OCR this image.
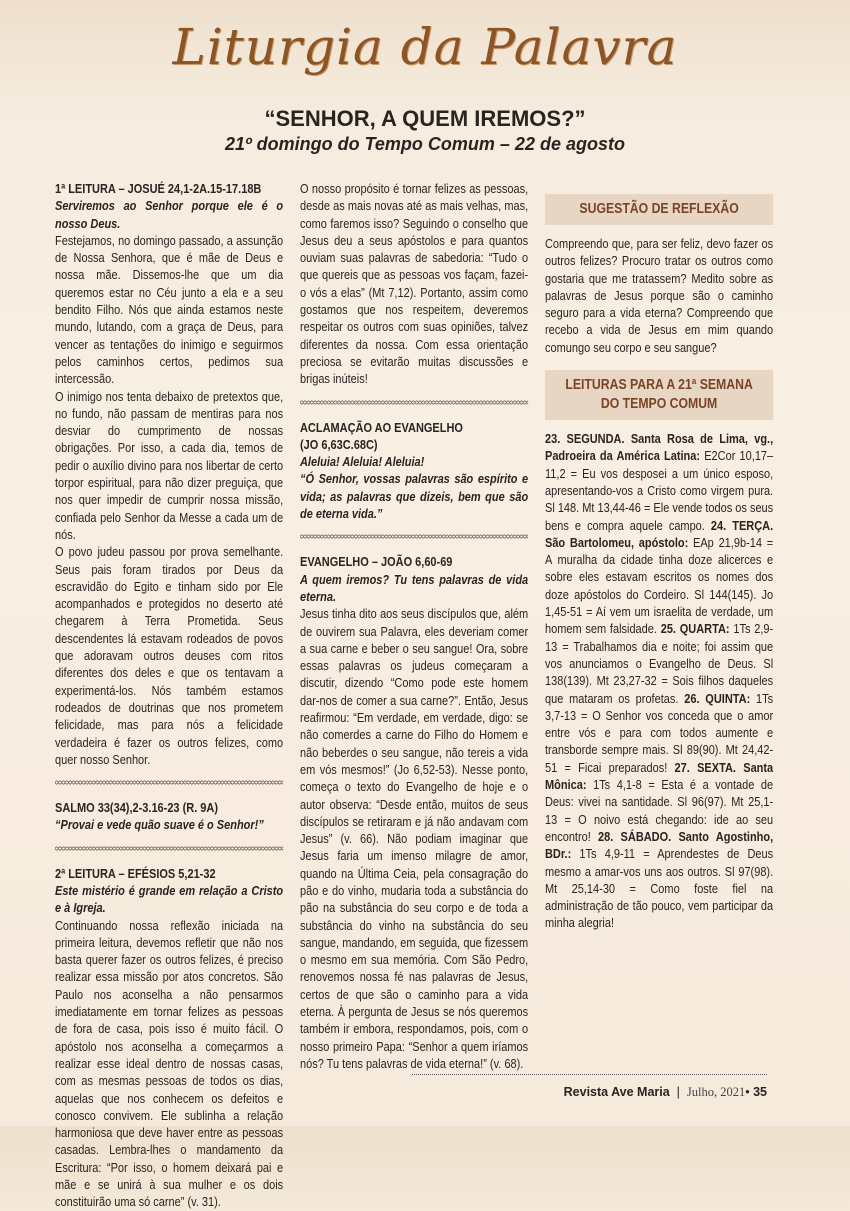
Liturgia da Palavra
“SENHOR, A QUEM IREMOS?”
21º domingo do Tempo Comum – 22 de agosto

1ª LEITURA – JOSUÉ 24,1-2A.15-17.18B

Serviremos ao Senhor porque ele é o nosso Deus.

Festejamos, no domingo passado, a assunção de Nossa Senhora, que é mãe de Deus e nossa mãe. Dissemos-lhe que um dia queremos estar no Céu junto a ela e a seu bendito Filho. Nós que ainda estamos neste mundo, lutando, com a graça de Deus, para vencer as tentações do inimigo e seguirmos pelos caminhos certos, pedimos sua intercessão.

O inimigo nos tenta debaixo de pretextos que, no fundo, não passam de mentiras para nos desviar do cumprimento de nossas obrigações. Por isso, a cada dia, temos de pedir o auxílio divino para nos libertar de certo torpor espiritual, para não dizer preguiça, que nos quer impedir de cumprir nossa missão, confiada pelo Senhor da Messe a cada um de nós.

O povo judeu passou por prova semelhante. Seus pais foram tirados por Deus da escravidão do Egito e tinham sido por Ele acompanhados e protegidos no deserto até chegarem à Terra Prometida. Seus descendentes lá estavam rodeados de povos que adoravam outros deuses com ritos diferentes dos deles e que os tentavam a experimentá-los. Nós também estamos rodeados de doutrinas que nos prometem felicidade, mas para nós a felicidade verdadeira é fazer os outros felizes, como quer nosso Senhor.

SALMO 33(34),2-3.16-23 (R. 9A)

“Provai e vede quão suave é o Senhor!”

2ª LEITURA – EFÉSIOS 5,21-32

Este mistério é grande em relação a Cristo e à Igreja.

Continuando nossa reflexão iniciada na primeira leitura, devemos refletir que não nos basta querer fazer os outros felizes, é preciso realizar essa missão por atos concretos. São Paulo nos aconselha a não pensarmos imediatamente em tornar felizes as pessoas de fora de casa, pois isso é muito fácil. O apóstolo nos aconselha a começarmos a realizar esse ideal dentro de nossas casas, com as mesmas pessoas de todos os dias, aquelas que nos conhecem os defeitos e conosco convivem. Ele sublinha a relação harmoniosa que deve haver entre as pessoas casadas. Lembra-lhes o mandamento da Escritura: “Por isso, o homem deixará pai e mãe e se unirá à sua mulher e os dois constituirão uma só carne” (v. 31).

O nosso propósito é tornar felizes as pessoas, desde as mais novas até as mais velhas, mas, como faremos isso? Seguindo o conselho que Jesus deu a seus apóstolos e para quantos ouviam suas palavras de sabedoria: “Tudo o que quereis que as pessoas vos façam, fazei-o vós a elas” (Mt 7,12). Portanto, assim como gostamos que nos respeitem, deveremos respeitar os outros com suas opiniões, talvez diferentes da nossa. Com essa orientação preciosa se evitarão muitas discussões e brigas inúteis!

ACLAMAÇÃO AO EVANGELHO

(JO 6,63C.68C)

Aleluia! Aleluia! Aleluia!

“Ó Senhor, vossas palavras são espírito e vida; as palavras que dizeis, bem que são de eterna vida.”

EVANGELHO – JOÃO 6,60-69

A quem iremos? Tu tens palavras de vida eterna.

Jesus tinha dito aos seus discípulos que, além de ouvirem sua Palavra, eles deveriam comer a sua carne e beber o seu sangue! Ora, sobre essas palavras os judeus começaram a discutir, dizendo “Como pode este homem dar-nos de comer a sua carne?”. Então, Jesus reafirmou: “Em verdade, em verdade, digo: se não comerdes a carne do Filho do Homem e não beberdes o seu sangue, não tereis a vida em vós mesmos!” (Jo 6,52-53). Nesse ponto, começa o texto do Evangelho de hoje e o autor observa: “Desde então, muitos de seus discípulos se retiraram e já não andavam com Jesus” (v. 66). Não podiam imaginar que Jesus faria um imenso milagre de amor, quando na Última Ceia, pela consagração do pão e do vinho, mudaria toda a substância do pão na substância do seu corpo e de toda a substância do vinho na substância do seu sangue, mandando, em seguida, que fizessem o mesmo em sua memória. Com São Pedro, renovemos nossa fé nas palavras de Jesus, certos de que são o caminho para a vida eterna. À pergunta de Jesus se nós queremos também ir embora, respondamos, pois, com o nosso primeiro Papa: “Senhor a quem iríamos nós? Tu tens palavras de vida eterna!” (v. 68).

SUGESTÃO DE REFLEXÃO

Compreendo que, para ser feliz, devo fazer os outros felizes? Procuro tratar os outros como gostaria que me tratassem? Medito sobre as palavras de Jesus porque são o caminho seguro para a vida eterna? Compreendo que recebo a vida de Jesus em mim quando comungo seu corpo e seu sangue?

LEITURAS PARA A 21ª SEMANA
DO TEMPO COMUM

23. SEGUNDA. Santa Rosa de Lima, vg., Padroeira da América Latina: E2Cor 10,17–11,2 = Eu vos desposei a um único esposo, apresentando-vos a Cristo como virgem pura. Sl 148. Mt 13,44-46 = Ele vende todos os seus bens e compra aquele campo. 24. TERÇA. São Bartolomeu, apóstolo: EAp 21,9b-14 = A muralha da cidade tinha doze alicerces e sobre eles estavam escritos os nomes dos doze apóstolos do Cordeiro. Sl 144(145). Jo 1,45-51 = Aí vem um israelita de verdade, um homem sem falsidade. 25. QUARTA: 1Ts 2,9-13 = Trabalhamos dia e noite; foi assim que vos anunciamos o Evangelho de Deus. Sl 138(139). Mt 23,27-32 = Sois filhos daqueles que mataram os profetas. 26. QUINTA: 1Ts 3,7-13 = O Senhor vos conceda que o amor entre vós e para com todos aumente e transborde sempre mais. Sl 89(90). Mt 24,42-51 = Ficai preparados! 27. SEXTA. Santa Mônica: 1Ts 4,1-8 = Esta é a vontade de Deus: vivei na santidade. Sl 96(97). Mt 25,1-13 = O noivo está chegando: ide ao seu encontro! 28. SÁBADO. Santo Agostinho, BDr.: 1Ts 4,9-11 = Aprendestes de Deus mesmo a amar-vos uns aos outros. Sl 97(98). Mt 25,14-30 = Como foste fiel na administração de tão pouco, vem participar da minha alegria!

Revista Ave Maria | Julho, 2021• 35
